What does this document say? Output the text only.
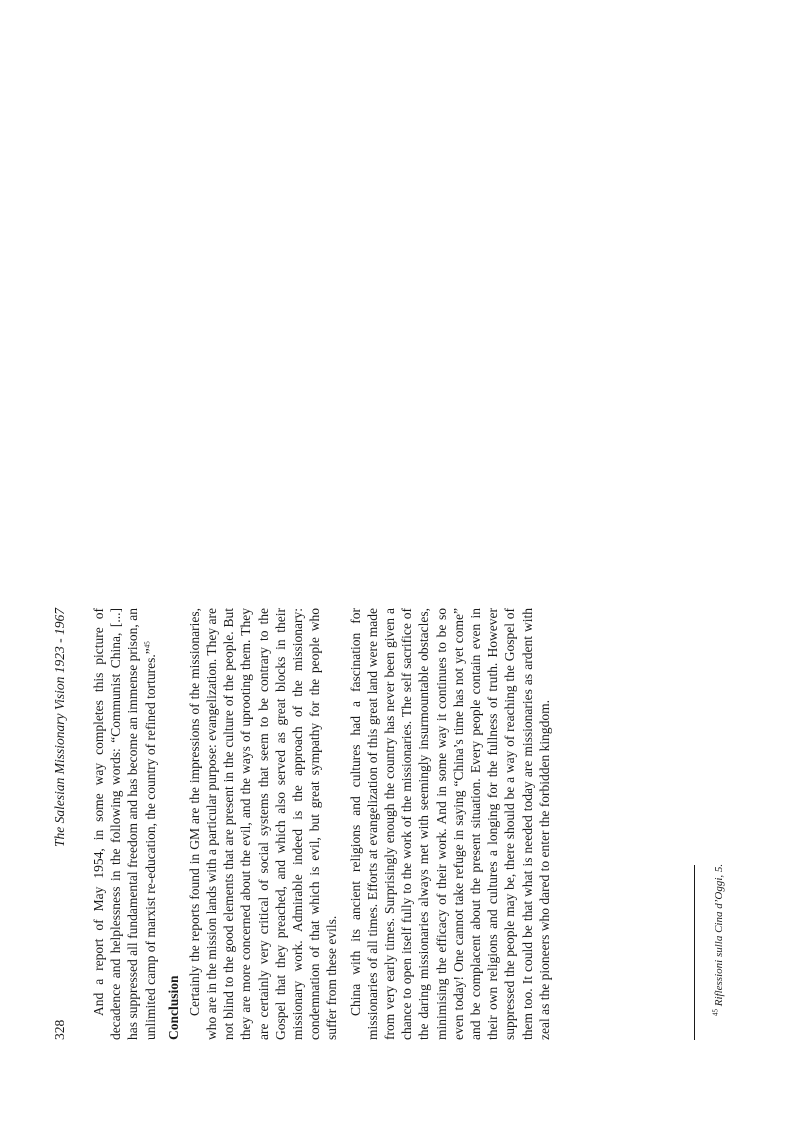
328
The Salesian Missionary Vision 1923 - 1967 And a report of May 1954, in some way completes this picture of decadence and helplessness in the following words: “Communist China, [...] has suppressed all fundamental freedom and has become an immense prison, an unlimited camp of marxist re-education, the country of refined tortures.”$^{45}$

Conclusion Certainly the reports found in GM are the impressions of the missionaries, who are in the mission lands with a particular purpose: evangelization. They are not blind to the good elements that are present in the culture of the people. But they are more concerned about the evil, and the ways of uprooting them. They are certainly very critical of social systems that seem to be contrary to the Gospel that they preached, and which also served as great blocks in their missionary work. Admirable indeed is the approach of the missionary: condemnation of that which is evil, but great sympathy for the people who suffer from these evils. China with its ancient religions and cultures had a fascination for missionaries of all times. Efforts at evangelization of this great land were made from very early times. Surprisingly enough the country has never been given a chance to open itself fully to the work of the missionaries. The self sacrifice of the daring missionaries always met with seemingly insurmountable obstacles, minimising the efficacy of their work. And in some way it continues to be so even today! One cannot take refuge in saying “China’s time has not yet come” and be complacent about the present situation. Every people contain even in their own religions and cultures a longing for the fullness of truth. However suppressed the people may be, there should be a way of reaching the Gospel of them too. It could be that what is needed today are missionaries as ardent with zeal as the pioneers who dared to enter the forbidden kingdom.	$^{45}$ Riflessioni sulla Cina d’Oggi, 5.
